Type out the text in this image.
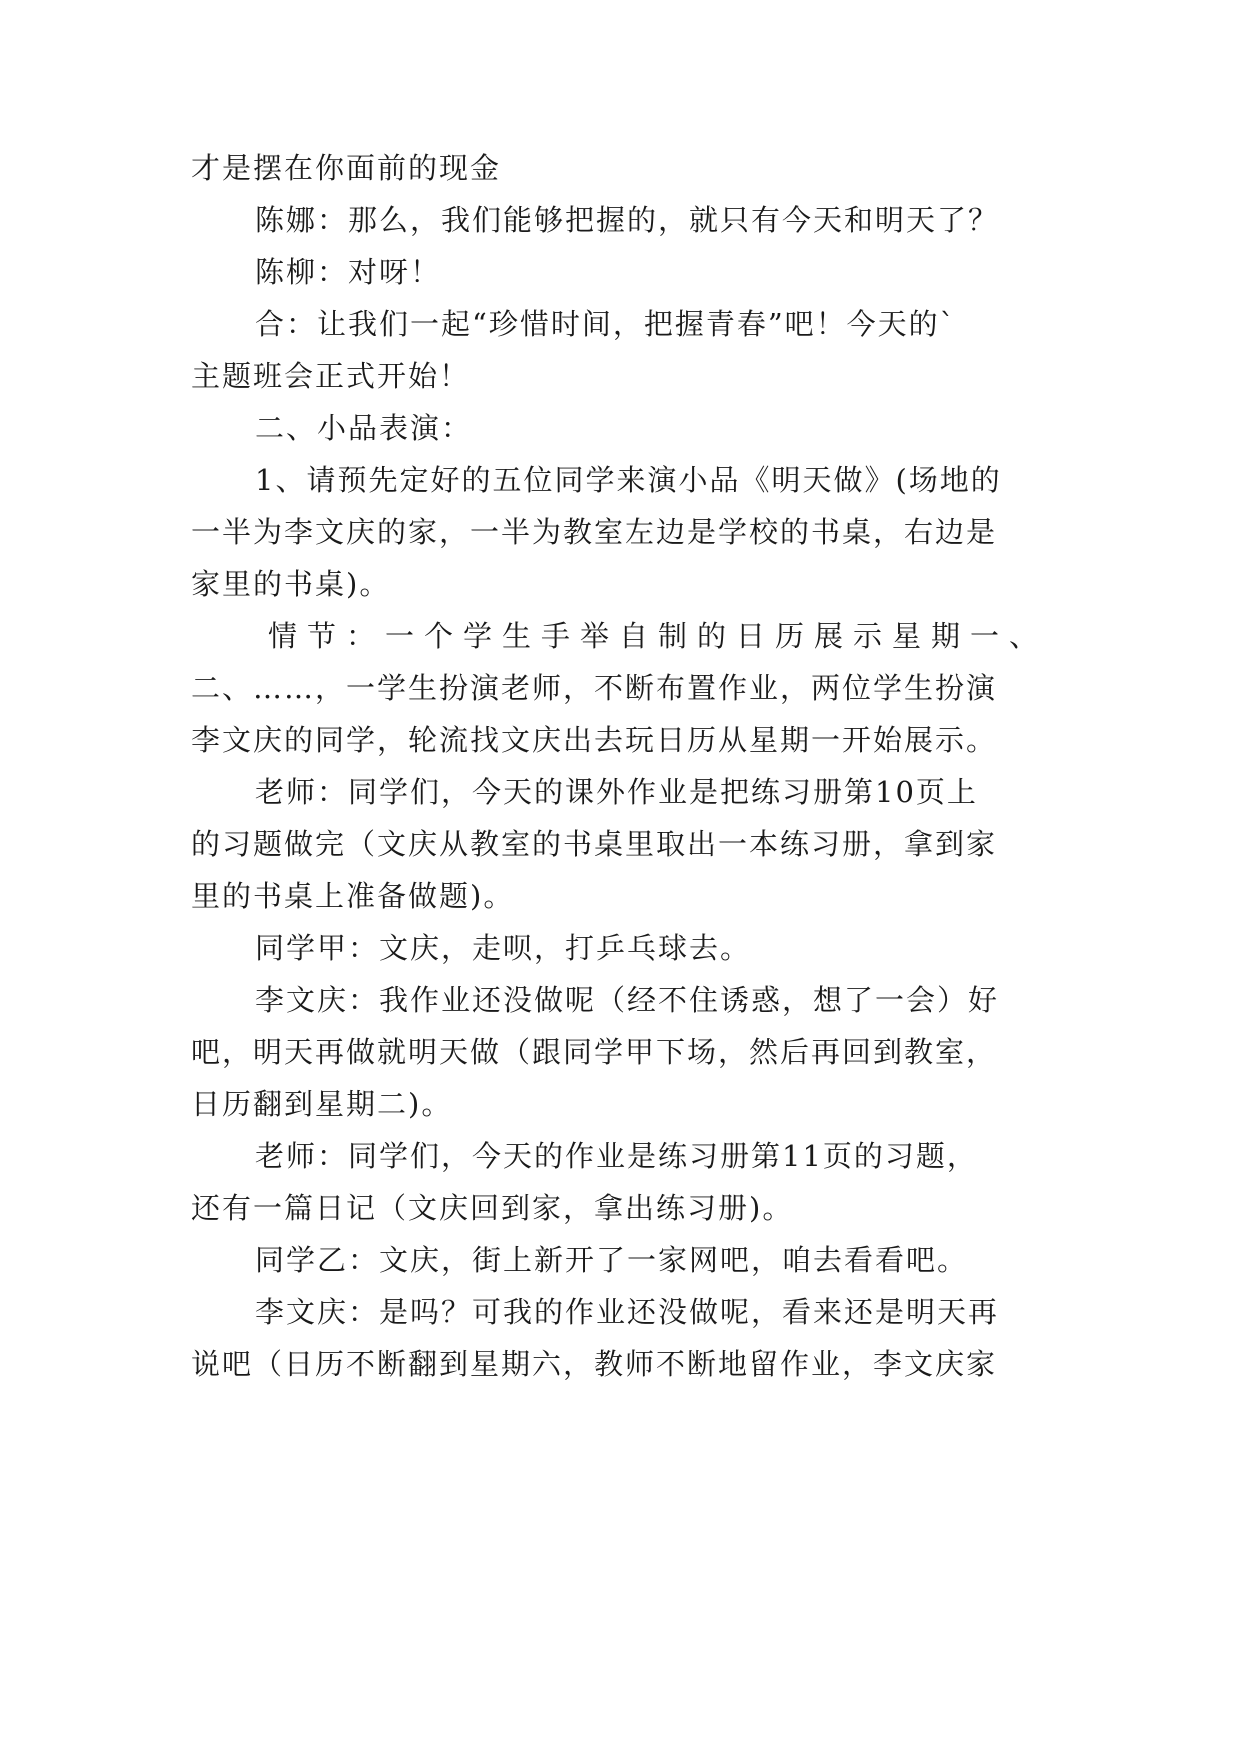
才是摆在你面前的现金
陈娜：那么，我们能够把握的，就只有今天和明天了？
陈柳：对呀！
合：让我们一起“珍惜时间，把握青春”吧！今天的`
主题班会正式开始！
二、小品表演：
1、请预先定好的五位同学来演小品《明天做》(场地的
一半为李文庆的家，一半为教室左边是学校的书桌，右边是
家里的书桌)。
情节：一个学生手举自制的日历展示星期一、
二、……，一学生扮演老师，不断布置作业，两位学生扮演
李文庆的同学，轮流找文庆出去玩日历从星期一开始展示。
老师：同学们，今天的课外作业是把练习册第10页上
的习题做完（文庆从教室的书桌里取出一本练习册，拿到家
里的书桌上准备做题)。
同学甲：文庆，走呗，打乒乓球去。
李文庆：我作业还没做呢（经不住诱惑，想了一会）好
吧，明天再做就明天做（跟同学甲下场，然后再回到教室，
日历翻到星期二)。
老师：同学们，今天的作业是练习册第11页的习题，
还有一篇日记（文庆回到家，拿出练习册)。
同学乙：文庆，街上新开了一家网吧，咱去看看吧。
李文庆：是吗？可我的作业还没做呢，看来还是明天再
说吧（日历不断翻到星期六，教师不断地留作业，李文庆家
